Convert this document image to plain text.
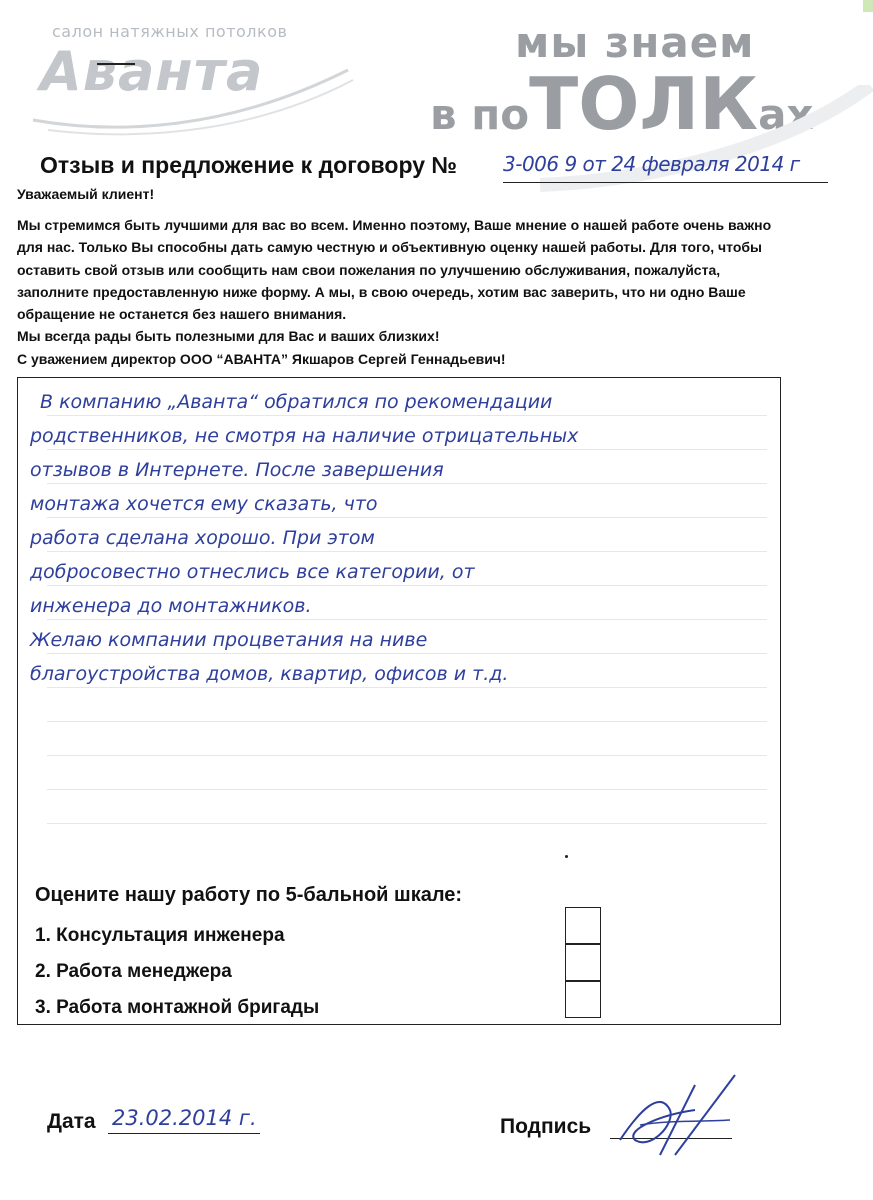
салон натяжных потолков
Аванта	мы знаем
в поТОЛКах
Отзыв и предложение к договору № 3-006 9 от 24 февраля 2014 г
Уважаемый клиент!

Мы стремимся быть лучшими для вас во всем. Именно поэтому, Ваше мнение о нашей работе очень важно для нас. Только Вы способны дать самую честную и объективную оценку нашей работы. Для того, чтобы оставить свой отзыв или сообщить нам свои пожелания по улучшению обслуживания, пожалуйста, заполните предоставленную ниже форму. А мы, в свою очередь, хотим вас заверить, что ни одно Ваше обращение не останется без нашего внимания.

Мы всегда рады быть полезными для Вас и ваших близких!

С уважением директор ООО “АВАНТА” Якшаров Сергей Геннадьевич!

В компанию „Аванта“ обратился по рекомендации
родственников, не смотря на наличие отрицательных
отзывов в Интернете. После завершения
монтажа хочется ему сказать, что
работа сделана хорошо. При этом
добросовестно отнеслись все категории, от
инженера до монтажников.
Желаю компании процветания на ниве
благоустройства домов, квартир, офисов и т.д.
Оцените нашу работу по 5-бальной шкале:
1. Консультация инженера
2. Работа менеджера
3. Работа монтажной бригады
Дата 23.02.2014 г.	Подпись
